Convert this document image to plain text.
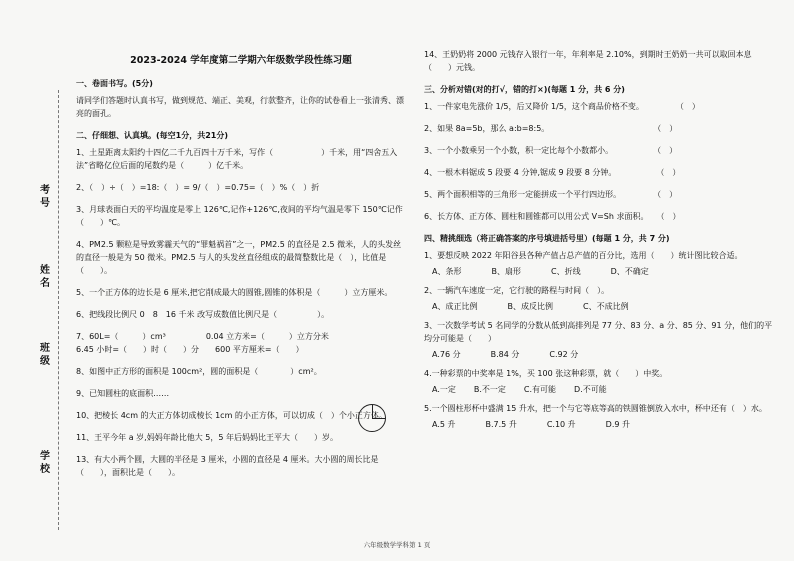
考号
姓名
班级
学校
2023-2024 学年度第二学期六年级数学段性练习题
一、卷面书写。(5分)
请同学们答题时认真书写，做到规范、端正、美观，行款整齐，让你的试卷看上一张清秀、漂亮的面孔。
二、仔细想、认真填。(每空1分，共21分)
1、土星距离太阳约十四亿二千九百四十万千米，写作（　　　　　　）千米，用“四舍五入法”省略亿位后面的尾数约是（　　　）亿千米。
2、（　）÷（　）=18:（　）= 9/（　）=0.75=（　）%（　）折
3、月球表面白天的平均温度是零上 126℃,记作+126℃,夜间的平均气温是零下 150℃记作（　　）℃。
4、PM2.5 颗粒是导致雾霾天气的“罪魁祸首”之一，PM2.5 的直径是 2.5 微米，人的头发丝的直径一般是为 50 微米。PM2.5 与人的头发丝直径组成的最简整数比是（　），比值是（　　）。
5、一个正方体的边长是 6 厘米,把它削成最大的圆锥,圆锥的体积是（　　　）立方厘米。
6、把线段比例尺 0　8　16 千米 改写成数值比例尺是（　　　　　）。
7、60L=（　　　）cm³　　　　　0.04 立方米=（　　　）立方分米
6.45 小时=（　　）时（　　）分　　600 平方厘米=（　　）
8、如图中正方形的面积是 100cm²，圆的面积是（　　　　）cm²。
9、已知圆柱的底面积……
10、把棱长 4cm 的大正方体切成棱长 1cm 的小正方体，可以切成（　）个小正方体。
11、王平今年 a 岁,妈妈年龄比他大 5，5 年后妈妈比王平大（　　）岁。
13、有大小两个圆，大圆的半径是 3 厘米，小圆的直径是 4 厘米。大小圆的周长比是（　　），面积比是（　　）。
14、王奶奶将 2000 元钱存入银行一年，年利率是 2.10%，到期时王奶奶一共可以取回本息（　　）元钱。
三、分析对错(对的打√，错的打×)(每题 1 分，共 6 分)
1、一件家电先涨价 1/5，后又降价 1/5，这个商品价格不变。　　　　　（　）
2、如果 8a=5b，那么 a:b=8:5。　　　　　　　　　　　　　　（　）
3、一个小数乘另一个小数，积一定比每个小数都小。　　　　　　（　）
4、一根木料锯成 5 段要 4 分钟,锯成 9 段要 8 分钟。　　　　　　（　）
5、两个面积相等的三角形一定能拼成一个平行四边形。　　　　　（　）
6、长方体、正方体、圆柱和圆锥都可以用公式 V=Sh 求面积。　　（　）
四、精挑细选（将正确答案的序号填进括号里）(每题 1 分，共 7 分)
1、要想反映 2022 年阳谷县各种产值占总产值的百分比，选用（　　）统计图比较合适。
A、条形	B、扇形	C、折线	D、不确定
2、一辆汽车速度一定，它行驶的路程与时间（　）。
A、成正比例	B、成反比例	C、不成比例
3、一次数学考试 5 名同学的分数从低到高排列是 77 分、83 分、a 分、85 分、91 分，他们的平均分可能是（　　）
A.76 分	B.84 分	C.92 分
4.一种彩票的中奖率是 1%，买 100 张这种彩票，就（　　）中奖。
A.一定 B.不一定 C.有可能 D.不可能
5.一个圆柱形杯中盛满 15 升水，把一个与它等底等高的铁圆锥倒放入水中，杯中还有（　）水。
A.5 升	B.7.5 升	C.10 升	D.9 升
六年级数学学科第 1 页
